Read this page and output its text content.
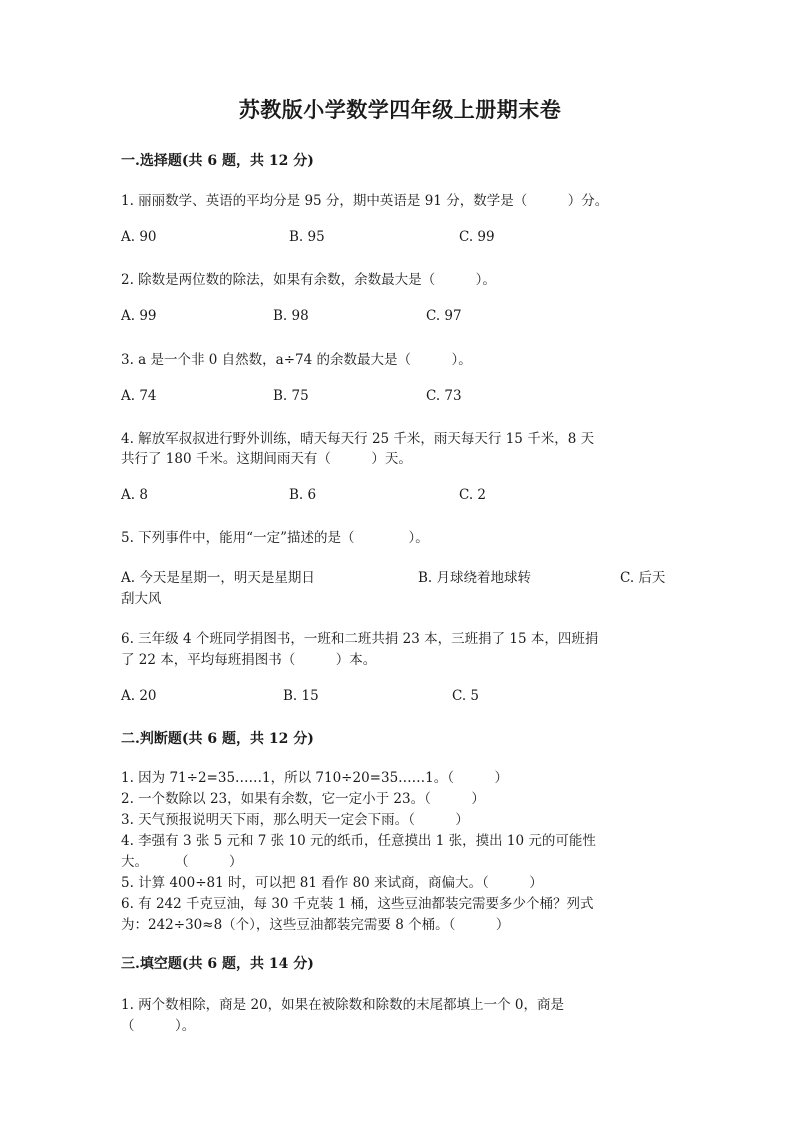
苏教版小学数学四年级上册期末卷
一.选择题(共 6 题，共 12 分)
1. 丽丽数学、英语的平均分是 95 分，期中英语是 91 分，数学是（　　　）分。
A. 90	B. 95	C. 99
2. 除数是两位数的除法，如果有余数，余数最大是（　　　）。
A. 99	B. 98	C. 97
3. a 是一个非 0 自然数，a÷74 的余数最大是（　　　）。
A. 74	B. 75	C. 73
4. 解放军叔叔进行野外训练，晴天每天行 25 千米，雨天每天行 15 千米，8 天
共行了 180 千米。这期间雨天有（　　　）天。
A. 8	B. 6	C. 2
5. 下列事件中，能用“一定”描述的是（　　　　）。
A. 今天是星期一，明天是星期日	B. 月球绕着地球转	C. 后天
刮大风
6. 三年级 4 个班同学捐图书，一班和二班共捐 23 本，三班捐了 15 本，四班捐
了 22 本，平均每班捐图书（　　　）本。
A. 20	B. 15	C. 5
二.判断题(共 6 题，共 12 分)
1. 因为 71÷2=35……1，所以 710÷20=35……1。（　　　）
2. 一个数除以 23，如果有余数，它一定小于 23。（　　　）
3. 天气预报说明天下雨，那么明天一定会下雨。（　　　）
4. 李强有 3 张 5 元和 7 张 10 元的纸币，任意摸出 1 张，摸出 10 元的可能性
大。　　　（　　　）
5. 计算 400÷81 时，可以把 81 看作 80 来试商，商偏大。（　　　）
6. 有 242 千克豆油，每 30 千克装 1 桶，这些豆油都装完需要多少个桶？列式
为：242÷30≈8（个），这些豆油都装完需要 8 个桶。（　　　）
三.填空题(共 6 题，共 14 分)
1. 两个数相除，商是 20，如果在被除数和除数的末尾都填上一个 0，商是
（　　　）。
